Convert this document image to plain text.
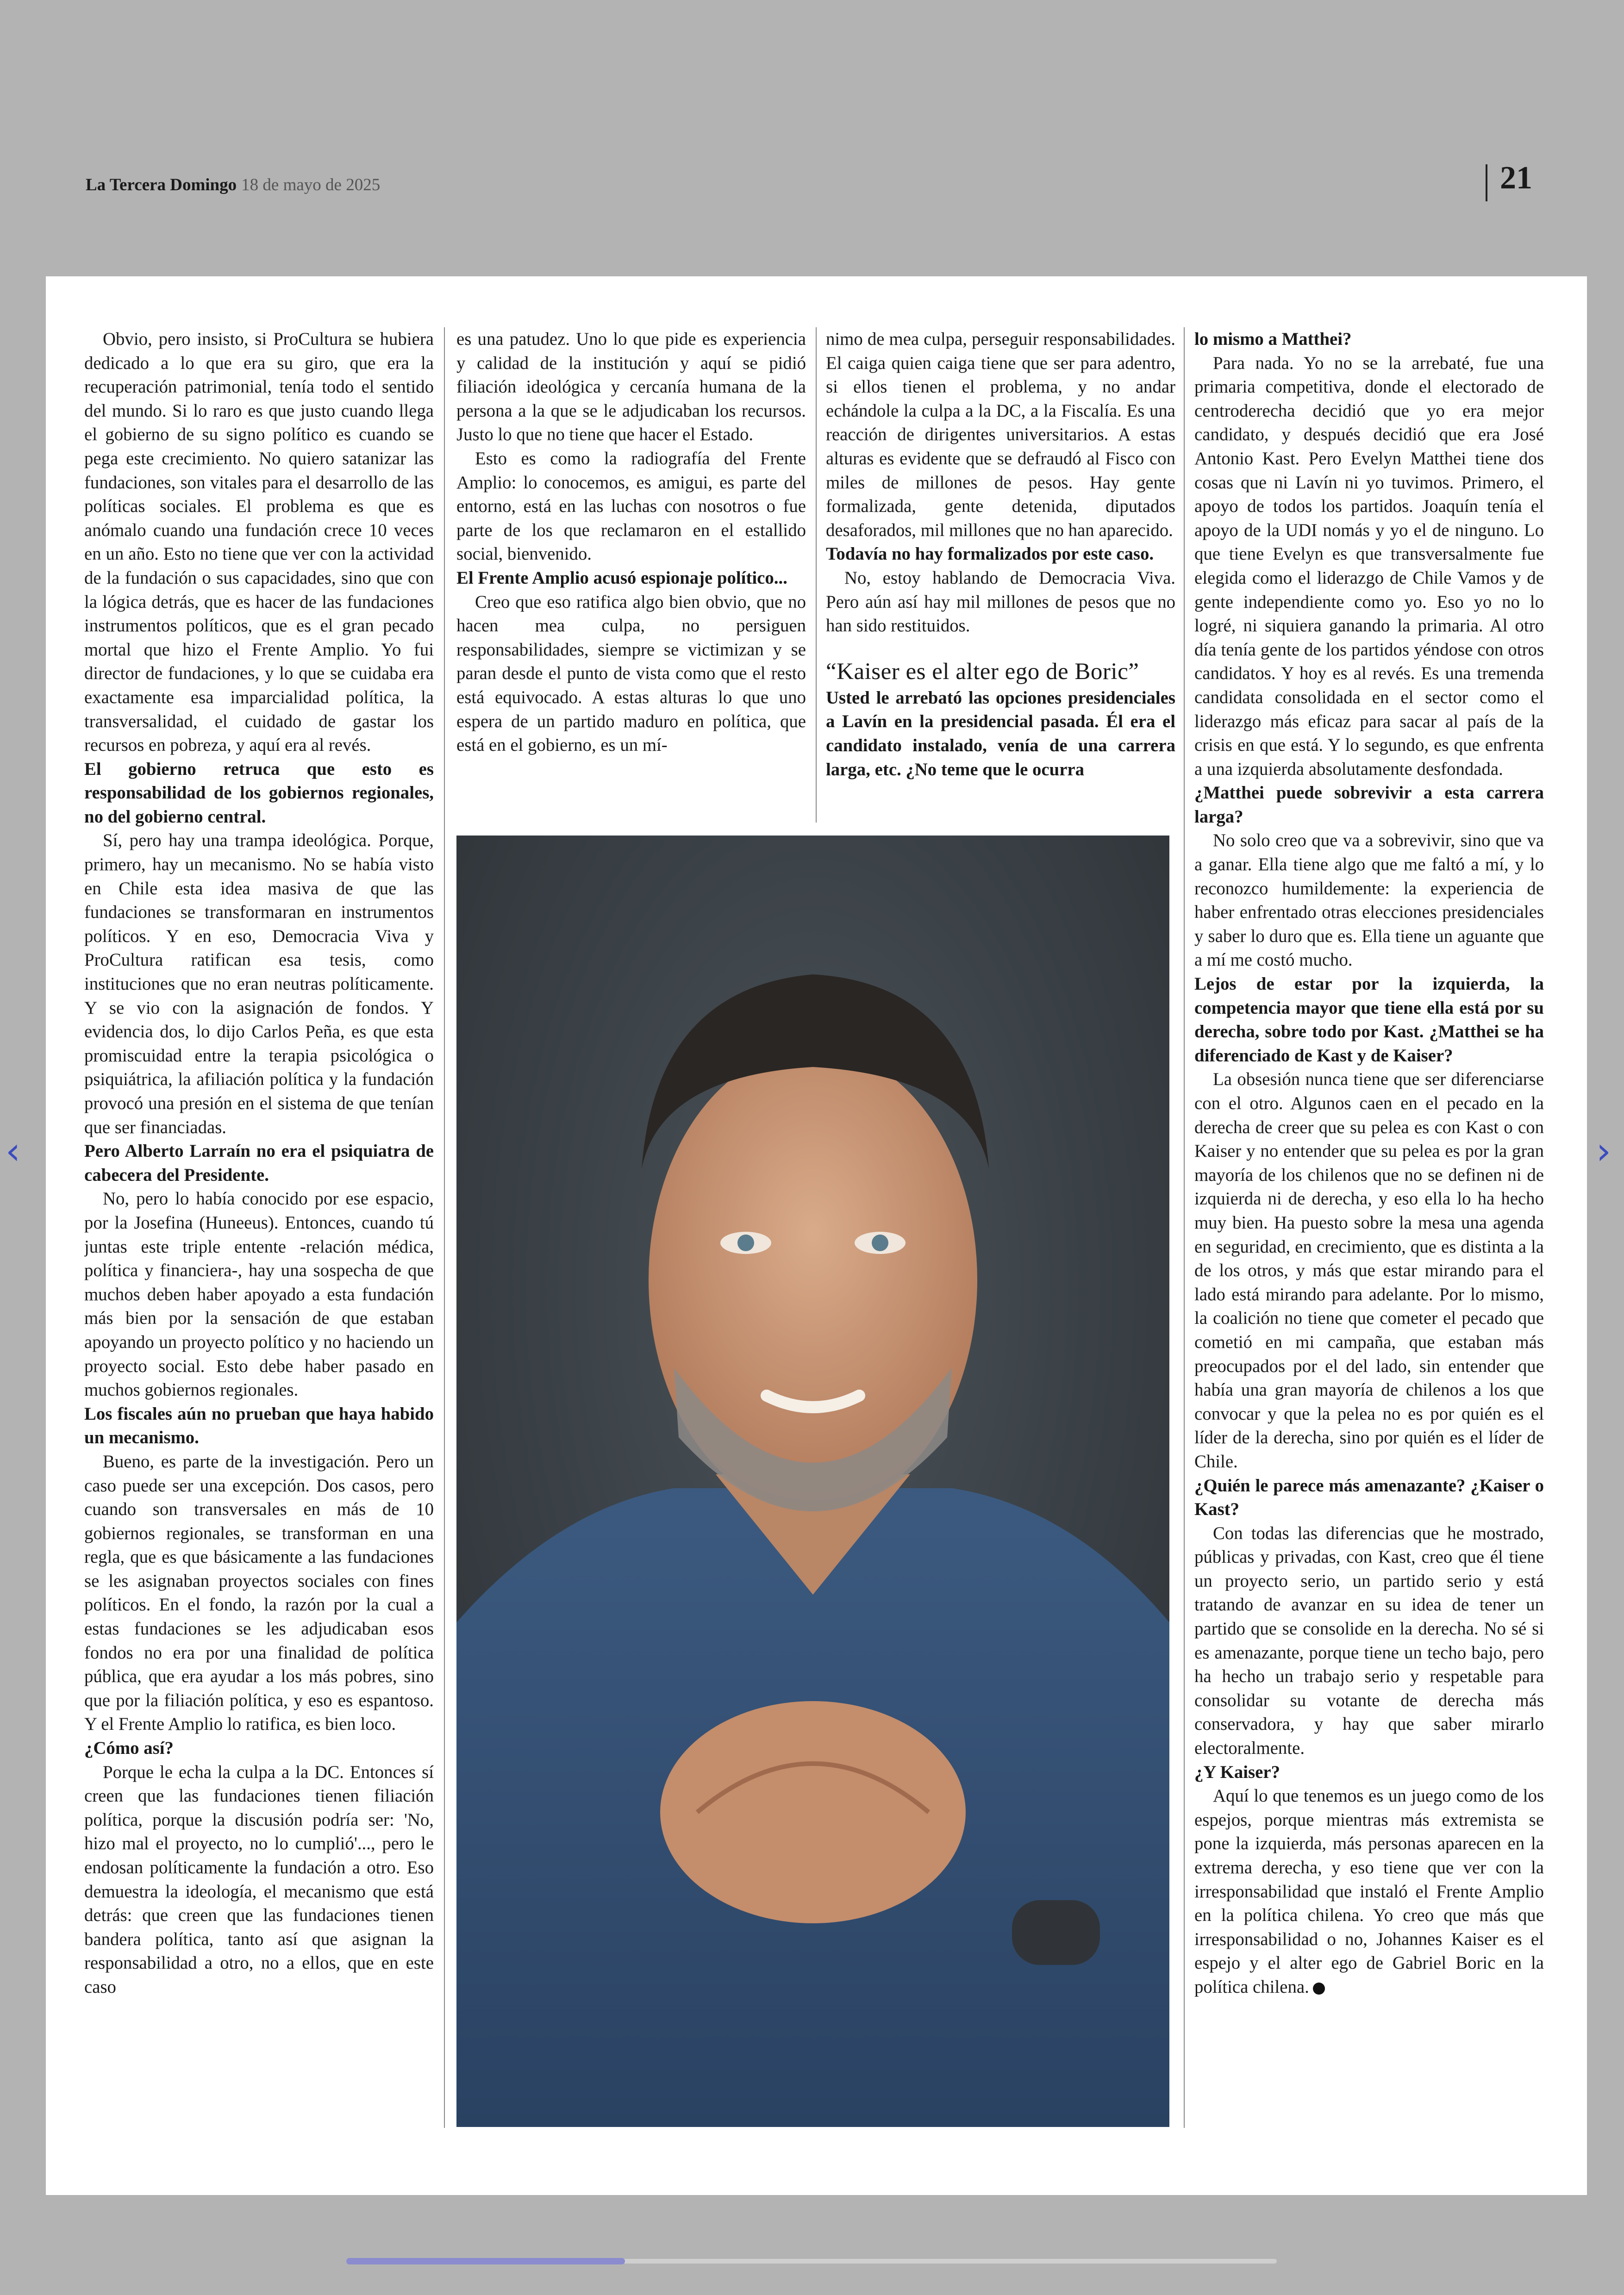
La Tercera Domingo 18 de mayo de 2025	21
‹	›

Obvio, pero insisto, si ProCultura se hubiera dedicado a lo que era su giro, que era la recuperación patrimonial, tenía todo el sentido del mundo. Si lo raro es que justo cuando llega el gobierno de su signo político es cuando se pega este crecimiento. No quiero satanizar las fundaciones, son vitales para el desarrollo de las políticas sociales. El problema es que es anómalo cuando una fundación crece 10 veces en un año. Esto no tiene que ver con la actividad de la fundación o sus capacidades, sino que con la lógica detrás, que es hacer de las fundaciones instrumentos políticos, que es el gran pecado mortal que hizo el Frente Amplio. Yo fui director de fundaciones, y lo que se cuidaba era exactamente esa imparcialidad política, la transversalidad, el cuidado de gastar los recursos en pobreza, y aquí era al revés.

El gobierno retruca que esto es responsabilidad de los gobiernos regionales, no del gobierno central.

Sí, pero hay una trampa ideológica. Porque, primero, hay un mecanismo. No se había visto en Chile esta idea masiva de que las fundaciones se transformaran en instrumentos políticos. Y en eso, Democracia Viva y ProCultura ratifican esa tesis, como instituciones que no eran neutras políticamente. Y se vio con la asignación de fondos. Y evidencia dos, lo dijo Carlos Peña, es que esta promiscuidad entre la terapia psicológica o psiquiátrica, la afiliación política y la fundación provocó una presión en el sistema de que tenían que ser financiadas.

Pero Alberto Larraín no era el psiquiatra de cabecera del Presidente.

No, pero lo había conocido por ese espacio, por la Josefina (Huneeus). Entonces, cuando tú juntas este triple entente -relación médica, política y financiera-, hay una sospecha de que muchos deben haber apoyado a esta fundación más bien por la sensación de que estaban apoyando un proyecto político y no haciendo un proyecto social. Esto debe haber pasado en muchos gobiernos regionales.

Los fiscales aún no prueban que haya habido un mecanismo.

Bueno, es parte de la investigación. Pero un caso puede ser una excepción. Dos casos, pero cuando son transversales en más de 10 gobiernos regionales, se transforman en una regla, que es que básicamente a las fundaciones se les asignaban proyectos sociales con fines políticos. En el fondo, la razón por la cual a estas fundaciones se les adjudicaban esos fondos no era por una finalidad de política pública, que era ayudar a los más pobres, sino que por la filiación política, y eso es espantoso. Y el Frente Amplio lo ratifica, es bien loco.

¿Cómo así?

Porque le echa la culpa a la DC. Entonces sí creen que las fundaciones tienen filiación política, porque la discusión podría ser: 'No, hizo mal el proyecto, no lo cumplió'..., pero le endosan políticamente la fundación a otro. Eso demuestra la ideología, el mecanismo que está detrás: que creen que las fundaciones tienen bandera política, tanto así que asignan la responsabilidad a otro, no a ellos, que en este caso

es una patudez. Uno lo que pide es experiencia y calidad de la institución y aquí se pidió filiación ideológica y cercanía humana de la persona a la que se le adjudicaban los recursos. Justo lo que no tiene que hacer el Estado.

Esto es como la radiografía del Frente Amplio: lo conocemos, es amigui, es parte del entorno, está en las luchas con nosotros o fue parte de los que reclamaron en el estallido social, bienvenido.

El Frente Amplio acusó espionaje político...

Creo que eso ratifica algo bien obvio, que no hacen mea culpa, no persiguen responsabilidades, siempre se victimizan y se paran desde el punto de vista como que el resto está equivocado. A estas alturas lo que uno espera de un partido maduro en política, que está en el gobierno, es un mí-

nimo de mea culpa, perseguir responsabilidades. El caiga quien caiga tiene que ser para adentro, si ellos tienen el problema, y no andar echándole la culpa a la DC, a la Fiscalía. Es una reacción de dirigentes universitarios. A estas alturas es evidente que se defraudó al Fisco con miles de millones de pesos. Hay gente formalizada, gente detenida, diputados desaforados, mil millones que no han aparecido.

Todavía no hay formalizados por este caso.

No, estoy hablando de Democracia Viva. Pero aún así hay mil millones de pesos que no han sido restituidos.

“Kaiser es el alter ego de Boric”

Usted le arrebató las opciones presidenciales a Lavín en la presidencial pasada. Él era el candidato instalado, venía de una carrera larga, etc. ¿No teme que le ocurra

lo mismo a Matthei?

Para nada. Yo no se la arrebaté, fue una primaria competitiva, donde el electorado de centroderecha decidió que yo era mejor candidato, y después decidió que era José Antonio Kast. Pero Evelyn Matthei tiene dos cosas que ni Lavín ni yo tuvimos. Primero, el apoyo de todos los partidos. Joaquín tenía el apoyo de la UDI nomás y yo el de ninguno. Lo que tiene Evelyn es que transversalmente fue elegida como el liderazgo de Chile Vamos y de gente independiente como yo. Eso yo no lo logré, ni siquiera ganando la primaria. Al otro día tenía gente de los partidos yéndose con otros candidatos. Y hoy es al revés. Es una tremenda candidata consolidada en el sector como el liderazgo más eficaz para sacar al país de la crisis en que está. Y lo segundo, es que enfrenta a una izquierda absolutamente desfondada.

¿Matthei puede sobrevivir a esta carrera larga?

No solo creo que va a sobrevivir, sino que va a ganar. Ella tiene algo que me faltó a mí, y lo reconozco humildemente: la experiencia de haber enfrentado otras elecciones presidenciales y saber lo duro que es. Ella tiene un aguante que a mí me costó mucho.

Lejos de estar por la izquierda, la competencia mayor que tiene ella está por su derecha, sobre todo por Kast. ¿Matthei se ha diferenciado de Kast y de Kaiser?

La obsesión nunca tiene que ser diferenciarse con el otro. Algunos caen en el pecado en la derecha de creer que su pelea es con Kast o con Kaiser y no entender que su pelea es por la gran mayoría de los chilenos que no se definen ni de izquierda ni de derecha, y eso ella lo ha hecho muy bien. Ha puesto sobre la mesa una agenda en seguridad, en crecimiento, que es distinta a la de los otros, y más que estar mirando para el lado está mirando para adelante. Por lo mismo, la coalición no tiene que cometer el pecado que cometió en mi campaña, que estaban más preocupados por el del lado, sin entender que había una gran mayoría de chilenos a los que convocar y que la pelea no es por quién es el líder de la derecha, sino por quién es el líder de Chile.

¿Quién le parece más amenazante? ¿Kaiser o Kast?

Con todas las diferencias que he mostrado, públicas y privadas, con Kast, creo que él tiene un proyecto serio, un partido serio y está tratando de avanzar en su idea de tener un partido que se consolide en la derecha. No sé si es amenazante, porque tiene un techo bajo, pero ha hecho un trabajo serio y respetable para consolidar su votante de derecha más conservadora, y hay que saber mirarlo electoralmente.

¿Y Kaiser?

Aquí lo que tenemos es un juego como de los espejos, porque mientras más extremista se pone la izquierda, más personas aparecen en la extrema derecha, y eso tiene que ver con la irresponsabilidad que instaló el Frente Amplio en la política chilena. Yo creo que más que irresponsabilidad o no, Johannes Kaiser es el espejo y el alter ego de Gabriel Boric en la política chilena.
